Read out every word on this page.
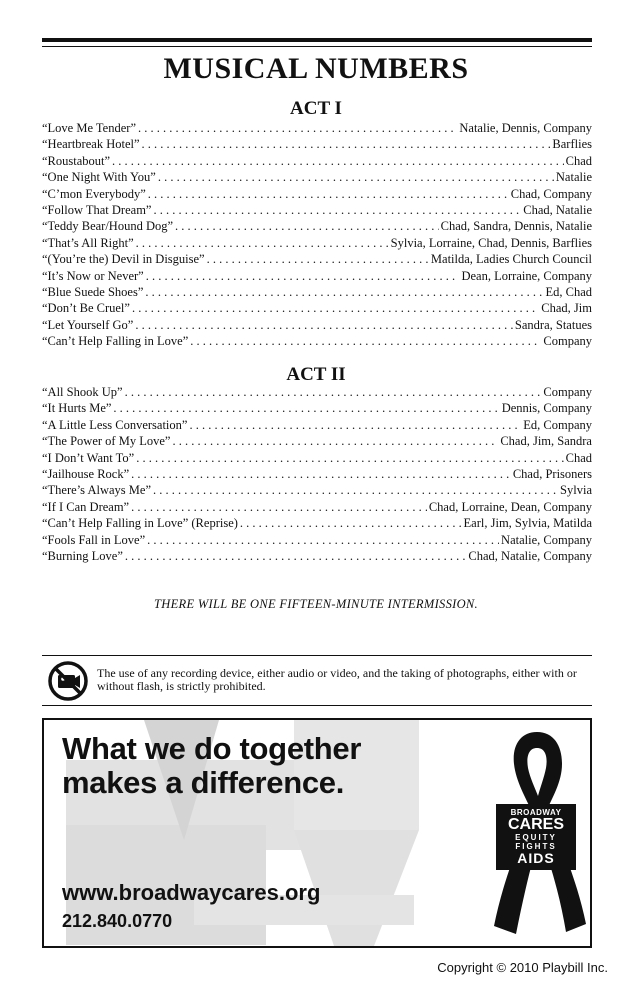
MUSICAL NUMBERS
ACT I
“Love Me Tender” . . .	Natalie, Dennis, Company
“Heartbreak Hotel” . . .	Barflies
“Roustabout” . . .	Chad
“One Night With You” . . .	Natalie
“C’mon Everybody” . . .	Chad, Company
“Follow That Dream” . . .	Chad, Natalie
“Teddy Bear/Hound Dog” . . .	Chad, Sandra, Dennis, Natalie
“That’s All Right” . . .	Sylvia, Lorraine, Chad, Dennis, Barflies
“(You’re the) Devil in Disguise” . . .	Matilda, Ladies Church Council
“It’s Now or Never” . . .	Dean, Lorraine, Company
“Blue Suede Shoes” . . .	Ed, Chad
“Don’t Be Cruel” . . .	Chad, Jim
“Let Yourself Go” . . .	Sandra, Statues
“Can’t Help Falling in Love” . . .	Company
ACT II
“All Shook Up” . . .	Company
“It Hurts Me” . . .	Dennis, Company
“A Little Less Conversation” . . .	Ed, Company
“The Power of My Love” . . .	Chad, Jim, Sandra
“I Don’t Want To” . . .	Chad
“Jailhouse Rock” . . .	Chad, Prisoners
“There’s Always Me” . . .	Sylvia
“If I Can Dream” . . .	Chad, Lorraine, Dean, Company
“Can’t Help Falling in Love” (Reprise) . . .	Earl, Jim, Sylvia, Matilda
“Fools Fall in Love” . . .	Natalie, Company
“Burning Love” . . .	Chad, Natalie, Company
THERE WILL BE ONE FIFTEEN-MINUTE INTERMISSION.
The use of any recording device, either audio or video, and the taking of photographs, either with or without flash, is strictly prohibited.
What we do together
makes a difference.
www.broadwaycares.org
212.840.0770
BROADWAY
CARES
EQUITY
FIGHTS
AIDS
Copyright © 2010 Playbill Inc.
